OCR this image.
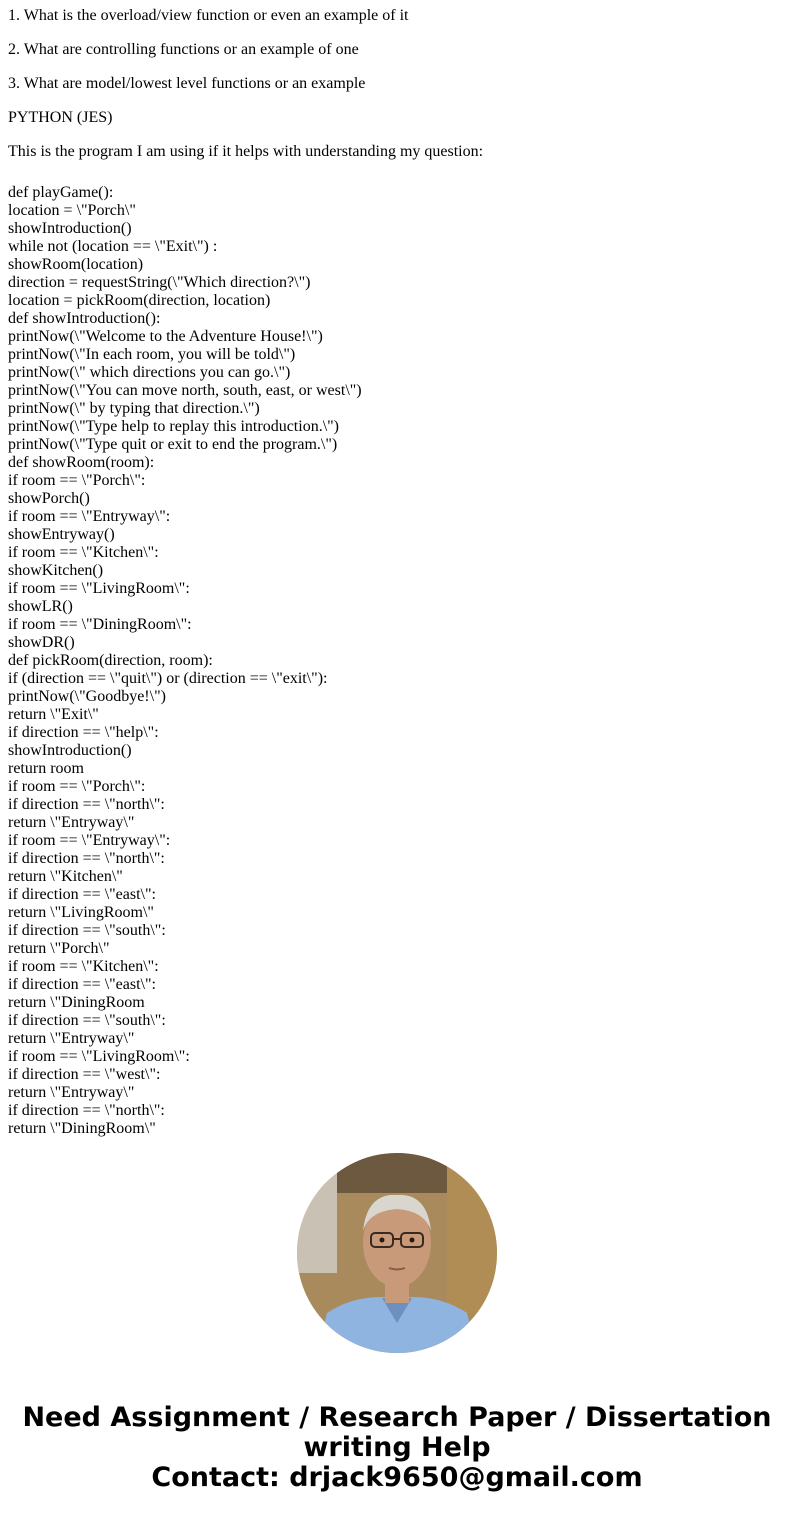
1. What is the overload/view function or even an example of it

2. What are controlling functions or an example of one

3. What are model/lowest level functions or an example

PYTHON (JES)

This is the program I am using if it helps with understanding my question:

def playGame():
location = \"Porch\"
showIntroduction()
while not (location == \"Exit\") :
showRoom(location)
direction = requestString(\"Which direction?\")
location = pickRoom(direction, location)
def showIntroduction():
printNow(\"Welcome to the Adventure House!\")
printNow(\"In each room, you will be told\")
printNow(\" which directions you can go.\")
printNow(\"You can move north, south, east, or west\")
printNow(\" by typing that direction.\")
printNow(\"Type help to replay this introduction.\")
printNow(\"Type quit or exit to end the program.\")
def showRoom(room):
if room == \"Porch\":
showPorch()
if room == \"Entryway\":
showEntryway()
if room == \"Kitchen\":
showKitchen()
if room == \"LivingRoom\":
showLR()
if room == \"DiningRoom\":
showDR()
def pickRoom(direction, room):
if (direction == \"quit\") or (direction == \"exit\"):
printNow(\"Goodbye!\")
return \"Exit\"
if direction == \"help\":
showIntroduction()
return room
if room == \"Porch\":
if direction == \"north\":
return \"Entryway\"
if room == \"Entryway\":
if direction == \"north\":
return \"Kitchen\"
if direction == \"east\":
return \"LivingRoom\"
if direction == \"south\":
return \"Porch\"
if room == \"Kitchen\":
if direction == \"east\":
return \"DiningRoom
if direction == \"south\":
return \"Entryway\"
if room == \"LivingRoom\":
if direction == \"west\":
return \"Entryway\"
if direction == \"north\":
return \"DiningRoom\"
Need Assignment / Research Paper / Dissertation
writing Help
Contact: drjack9650@gmail.com
